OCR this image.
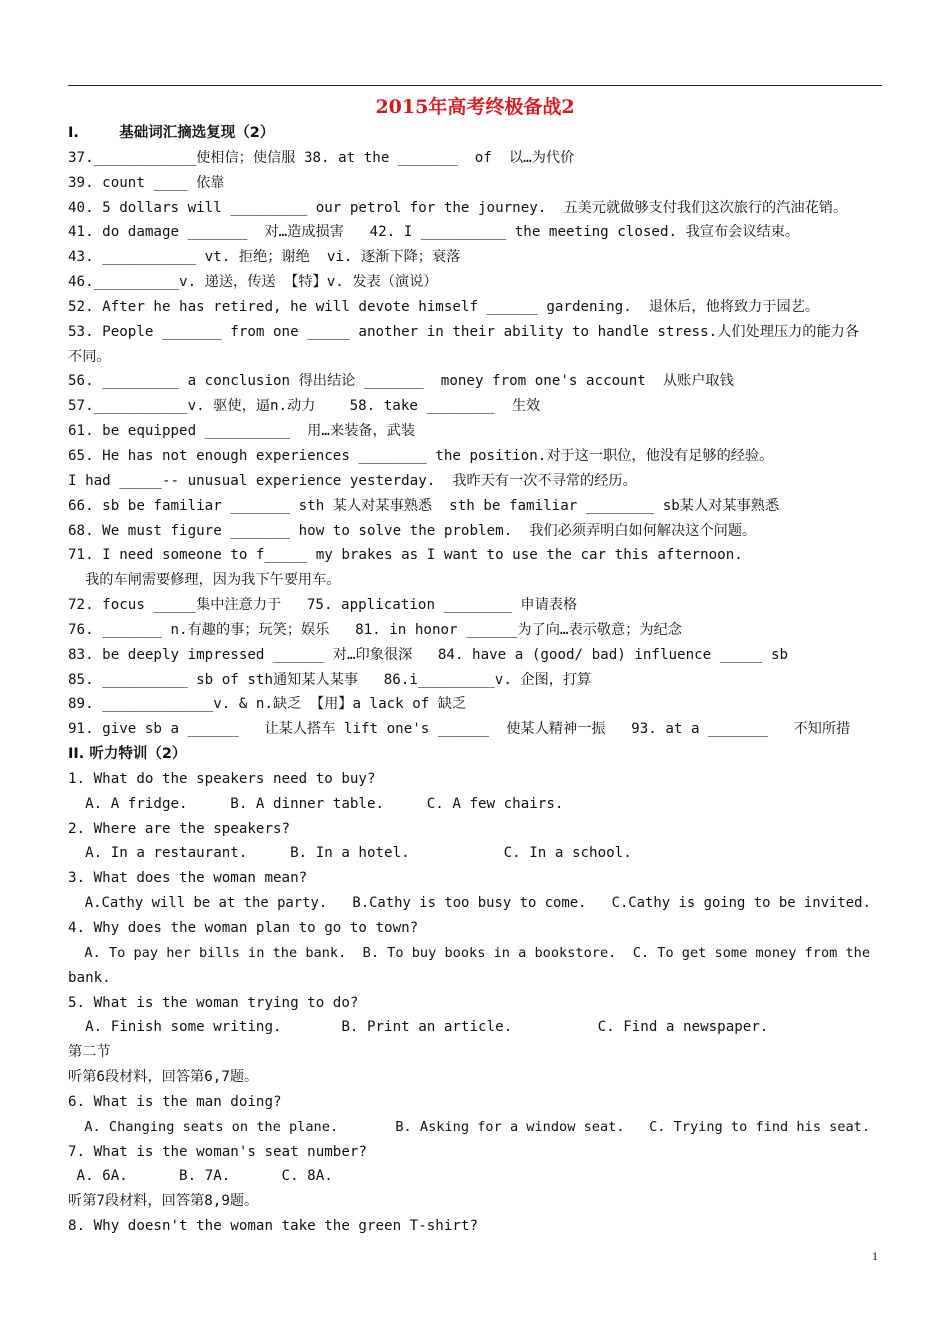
2015年高考终极备战2
I.        基础词汇摘选复现（2）
37.____________使相信；使信服 38. at the _______  of  以…为代价
39. count ____ 依靠
40. 5 dollars will _________ our petrol for the journey.  五美元就做够支付我们这次旅行的汽油花销。
41. do damage _______  对…造成损害   42. I __________ the meeting closed. 我宣布会议结束。
43. ___________ vt. 拒绝；谢绝  vi. 逐渐下降；衰落
46.__________v. 递送，传送 【特】v. 发表（演说）
52. After he has retired, he will devote himself ______ gardening.  退休后，他将致力于园艺。
53. People _______ from one _____ another in their ability to handle stress.人们处理压力的能力各
不同。
56. _________ a conclusion 得出结论 _______  money from one's account  从账户取钱
57.___________v. 驱使，逼n.动力    58. take ________  生效
61. be equipped __________  用…来装备，武装
65. He has not enough experiences ________ the position.对于这一职位，他没有足够的经验。
I had _____-- unusual experience yesterday.  我昨天有一次不寻常的经历。
66. sb be familiar _______ sth 某人对某事熟悉  sth be familiar ________ sb某人对某事熟悉
68. We must figure _______ how to solve the problem.  我们必须弄明白如何解决这个问题。
71. I need someone to f_____ my brakes as I want to use the car this afternoon.
我的车闸需要修理，因为我下午要用车。
72. focus _____集中注意力于   75. application ________ 申请表格
76. _______ n.有趣的事；玩笑；娱乐   81. in honor ______为了向…表示敬意；为纪念
83. be deeply impressed ______ 对…印象很深   84. have a (good/ bad) influence _____ sb
85. __________ sb of sth通知某人某事   86.i_________v. 企图，打算
89. _____________v. & n.缺乏 【用】a lack of 缺乏
91. give sb a ______   让某人搭车 lift one's ______  使某人精神一振   93. at a _______   不知所措
II. 听力特训（2）
1. What do the speakers need to buy?
A. A fridge.     B. A dinner table.     C. A few chairs.
2. Where are the speakers?
A. In a restaurant.     B. In a hotel.           C. In a school.
3. What does the woman mean?
A.Cathy will be at the party.   B.Cathy is too busy to come.   C.Cathy is going to be invited.
4. Why does the woman plan to go to town?
A. To pay her bills in the bank.  B. To buy books in a bookstore.  C. To get some money from the
bank.
5. What is the woman trying to do?
A. Finish some writing.       B. Print an article.          C. Find a newspaper.
第二节
听第6段材料，回答第6,7题。
6. What is the man doing?
A. Changing seats on the plane.       B. Asking for a window seat.   C. Trying to find his seat.
7. What is the woman's seat number?
A. 6A.      B. 7A.      C. 8A.
听第7段材料，回答第8,9题。
8. Why doesn't the woman take the green T-shirt?
1
